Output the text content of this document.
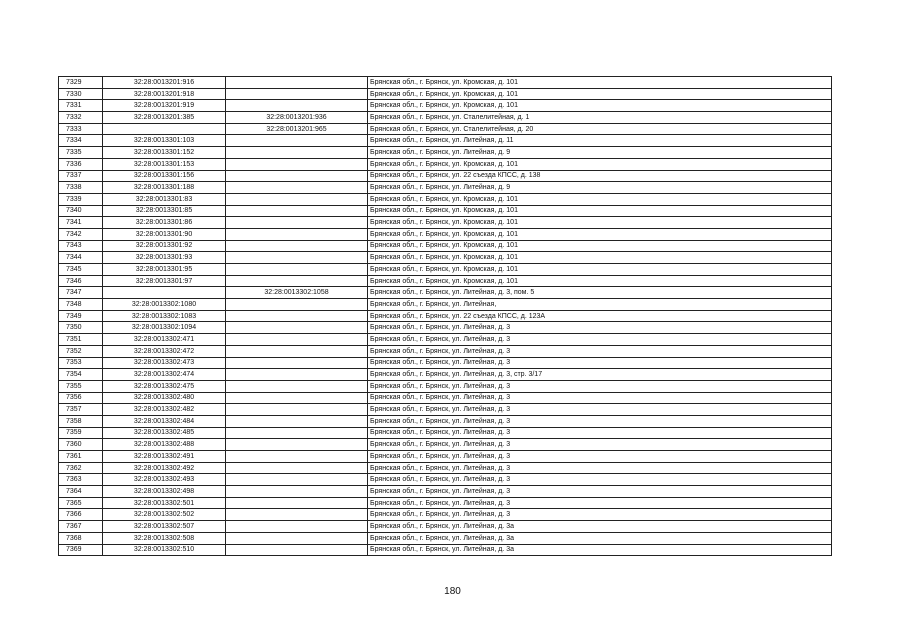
7329	32:28:0013201:916		Брянская обл., г. Брянск, ул. Кромская, д. 101
7330	32:28:0013201:918		Брянская обл., г. Брянск, ул. Кромская, д. 101
7331	32:28:0013201:919		Брянская обл., г. Брянск, ул. Кромская, д. 101
7332	32:28:0013201:385	32:28:0013201:936	Брянская обл., г. Брянск, ул. Сталелитейная, д. 1
7333		32:28:0013201:965	Брянская обл., г. Брянск, ул. Сталелитейная, д. 20
7334	32:28:0013301:103		Брянская обл., г. Брянск, ул. Литейная, д. 11
7335	32:28:0013301:152		Брянская обл., г. Брянск, ул. Литейная, д. 9
7336	32:28:0013301:153		Брянская обл., г. Брянск, ул. Кромская, д. 101
7337	32:28:0013301:156		Брянская обл., г. Брянск, ул. 22 съезда КПСС, д. 138
7338	32:28:0013301:188		Брянская обл., г. Брянск, ул. Литейная, д. 9
7339	32:28:0013301:83		Брянская обл., г. Брянск, ул. Кромская, д. 101
7340	32:28:0013301:85		Брянская обл., г. Брянск, ул. Кромская, д. 101
7341	32:28:0013301:86		Брянская обл., г. Брянск, ул. Кромская, д. 101
7342	32:28:0013301:90		Брянская обл., г. Брянск, ул. Кромская, д. 101
7343	32:28:0013301:92		Брянская обл., г. Брянск, ул. Кромская, д. 101
7344	32:28:0013301:93		Брянская обл., г. Брянск, ул. Кромская, д. 101
7345	32:28:0013301:95		Брянская обл., г. Брянск, ул. Кромская, д. 101
7346	32:28:0013301:97		Брянская обл., г. Брянск, ул. Кромская, д. 101
7347		32:28:0013302:1058	Брянская обл., г. Брянск, ул. Литейная, д. 3, пом. 5
7348	32:28:0013302:1080		Брянская обл., г. Брянск, ул. Литейная,
7349	32:28:0013302:1083		Брянская обл., г. Брянск, ул. 22 съезда КПСС, д. 123А
7350	32:28:0013302:1094		Брянская обл., г. Брянск, ул. Литейная, д. 3
7351	32:28:0013302:471		Брянская обл., г. Брянск, ул. Литейная, д. 3
7352	32:28:0013302:472		Брянская обл., г. Брянск, ул. Литейная, д. 3
7353	32:28:0013302:473		Брянская обл., г. Брянск, ул. Литейная, д. 3
7354	32:28:0013302:474		Брянская обл., г. Брянск, ул. Литейная, д. 3, стр. 3/17
7355	32:28:0013302:475		Брянская обл., г. Брянск, ул. Литейная, д. 3
7356	32:28:0013302:480		Брянская обл., г. Брянск, ул. Литейная, д. 3
7357	32:28:0013302:482		Брянская обл., г. Брянск, ул. Литейная, д. 3
7358	32:28:0013302:484		Брянская обл., г. Брянск, ул. Литейная, д. 3
7359	32:28:0013302:485		Брянская обл., г. Брянск, ул. Литейная, д. 3
7360	32:28:0013302:488		Брянская обл., г. Брянск, ул. Литейная, д. 3
7361	32:28:0013302:491		Брянская обл., г. Брянск, ул. Литейная, д. 3
7362	32:28:0013302:492		Брянская обл., г. Брянск, ул. Литейная, д. 3
7363	32:28:0013302:493		Брянская обл., г. Брянск, ул. Литейная, д. 3
7364	32:28:0013302:498		Брянская обл., г. Брянск, ул. Литейная, д. 3
7365	32:28:0013302:501		Брянская обл., г. Брянск, ул. Литейная, д. 3
7366	32:28:0013302:502		Брянская обл., г. Брянск, ул. Литейная, д. 3
7367	32:28:0013302:507		Брянская обл., г. Брянск, ул. Литейная, д. 3а
7368	32:28:0013302:508		Брянская обл., г. Брянск, ул. Литейная, д. 3а
7369	32:28:0013302:510		Брянская обл., г. Брянск, ул. Литейная, д. 3а
180
